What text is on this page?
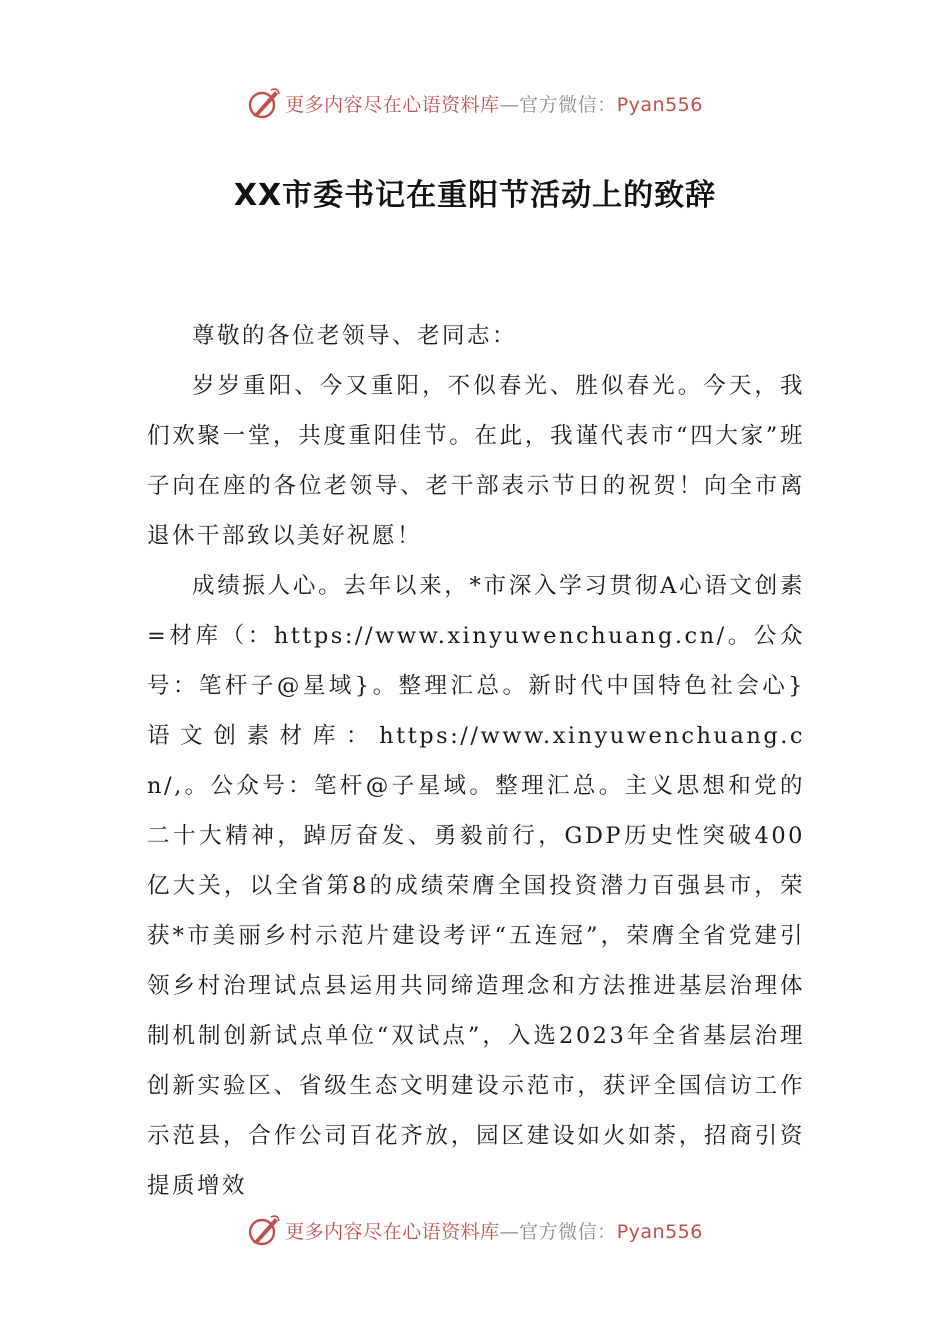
更多内容尽在心语资料库—官方微信：Pyan556
XX市委书记在重阳节活动上的致辞

尊敬的各位老领导、老同志：

岁岁重阳、今又重阳，不似春光、胜似春光。今天，我们欢聚一堂，共度重阳佳节。在此，我谨代表市“四大家”班子向在座的各位老领导、老干部表示节日的祝贺！向全市离退休干部致以美好祝愿！

成绩振人心。去年以来，*市深入学习贯彻A心语文创素=材库（：https://www.xinyuwenchuang.cn/。公众号：笔杆子@星域}。整理汇总。新时代中国特色社会心}语文创素材库：https://www.xinyuwenchuang.cn/,。公众号：笔杆@子星域。整理汇总。主义思想和党的二十大精神，踔厉奋发、勇毅前行，GDP历史性突破400亿大关，以全省第8的成绩荣膺全国投资潜力百强县市，荣获*市美丽乡村示范片建设考评“五连冠”，荣膺全省党建引领乡村治理试点县运用共同缔造理念和方法推进基层治理体制机制创新试点单位“双试点”，入选2023年全省基层治理创新实验区、省级生态文明建设示范市，获评全国信访工作示范县，合作公司百花齐放，园区建设如火如荼，招商引资提质增效

更多内容尽在心语资料库—官方微信：Pyan556
